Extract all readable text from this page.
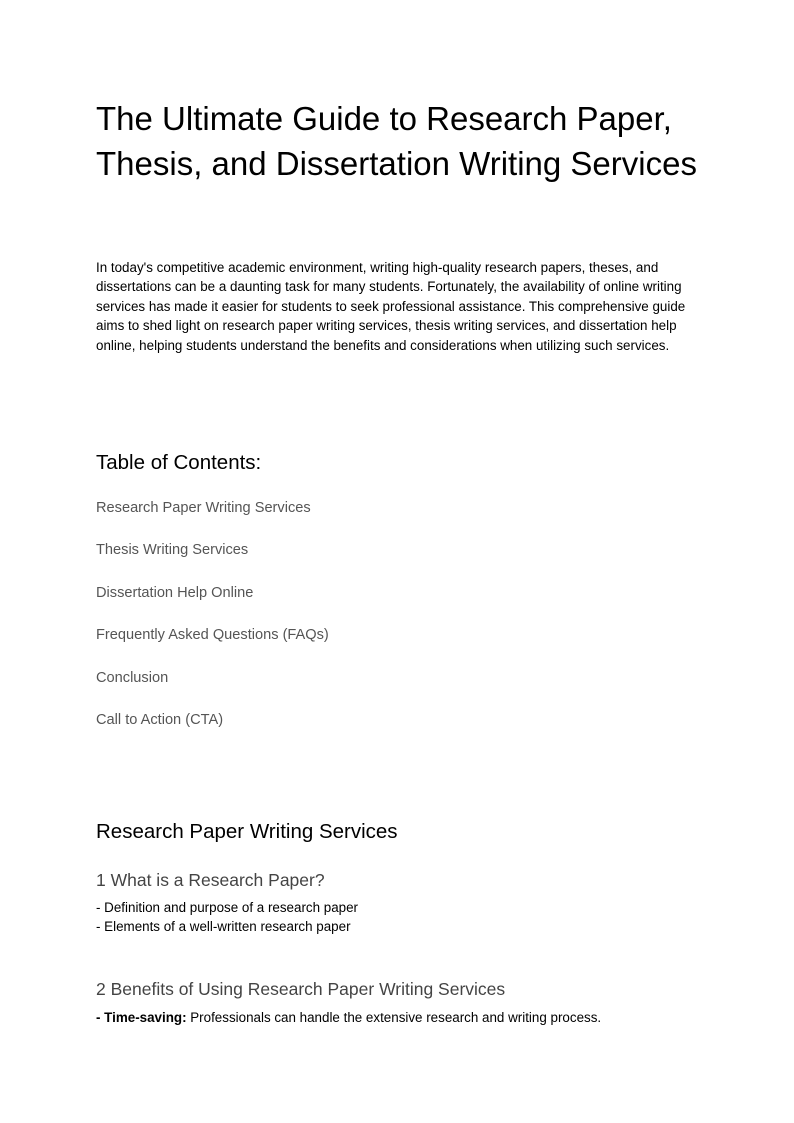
The Ultimate Guide to Research Paper, Thesis, and Dissertation Writing Services

In today's competitive academic environment, writing high-quality research papers, theses, and dissertations can be a daunting task for many students. Fortunately, the availability of online writing services has made it easier for students to seek professional assistance. This comprehensive guide aims to shed light on research paper writing services, thesis writing services, and dissertation help online, helping students understand the benefits and considerations when utilizing such services.

Table of Contents:
Research Paper Writing Services
Thesis Writing Services
Dissertation Help Online
Frequently Asked Questions (FAQs)
Conclusion
Call to Action (CTA)
Research Paper Writing Services
1 What is a Research Paper?
- Definition and purpose of a research paper
- Elements of a well-written research paper
2 Benefits of Using Research Paper Writing Services
- Time-saving: Professionals can handle the extensive research and writing process.
